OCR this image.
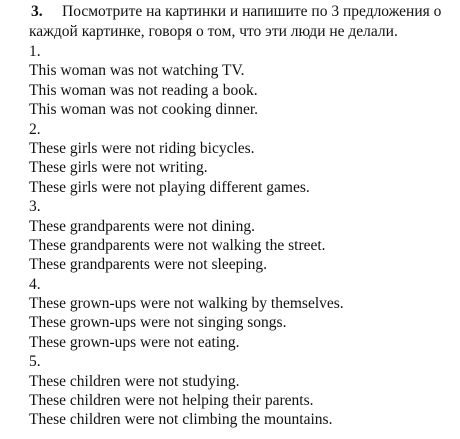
3. Посмотрите на картинки и напишите по 3 предложения о
каждой картинке, говоря о том, что эти люди не делали.
1.
This woman was not watching TV.
This woman was not reading a book.
This woman was not cooking dinner.
2.
These girls were not riding bicycles.
These girls were not writing.
These girls were not playing different games.
3.
These grandparents were not dining.
These grandparents were not walking the street.
These grandparents were not sleeping.
4.
These grown-ups were not walking by themselves.
These grown-ups were not singing songs.
These grown-ups were not eating.
5.
These children were not studying.
These children were not helping their parents.
These children were not climbing the mountains.
